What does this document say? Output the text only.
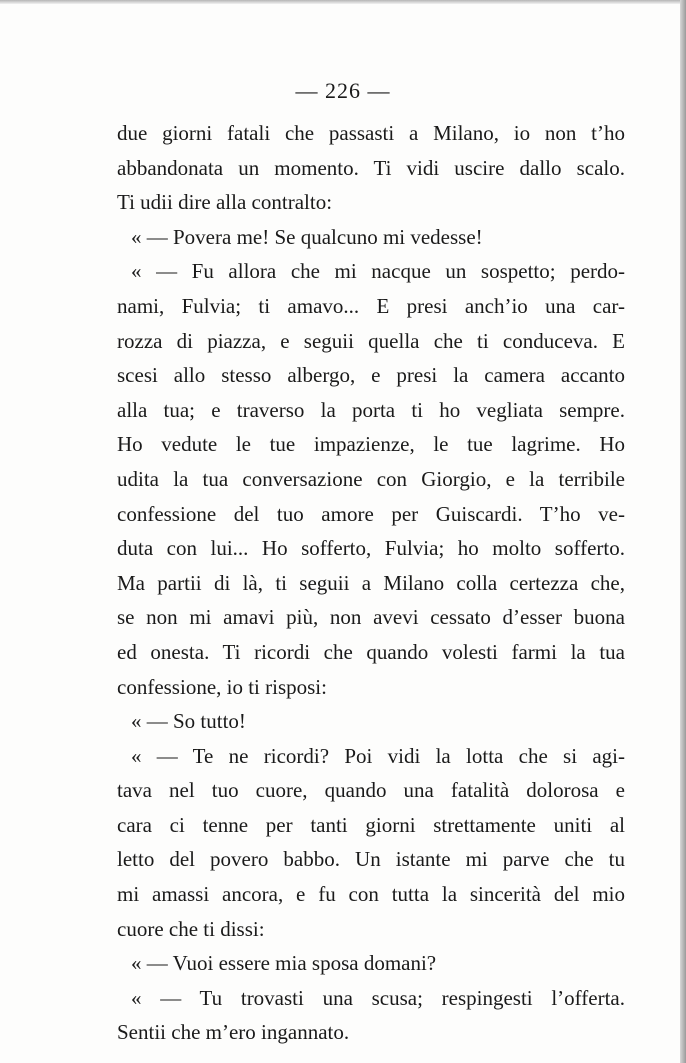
— 226 —
due giorni fatali che passasti a Milano, io non t’ho
abbandonata un momento. Ti vidi uscire dallo scalo.
Ti udii dire alla contralto:
« — Povera me! Se qualcuno mi vedesse!
« — Fu allora che mi nacque un sospetto; perdo-
nami, Fulvia; ti amavo... E presi anch’io una car-
rozza di piazza, e seguii quella che ti conduceva. E
scesi allo stesso albergo, e presi la camera accanto
alla tua; e traverso la porta ti ho vegliata sempre.
Ho vedute le tue impazienze, le tue lagrime. Ho
udita la tua conversazione con Giorgio, e la terribile
confessione del tuo amore per Guiscardi. T’ho ve-
duta con lui... Ho sofferto, Fulvia; ho molto sofferto.
Ma partii di là, ti seguii a Milano colla certezza che,
se non mi amavi più, non avevi cessato d’esser buona
ed onesta. Ti ricordi che quando volesti farmi la tua
confessione, io ti risposi:
« — So tutto!
« — Te ne ricordi? Poi vidi la lotta che si agi-
tava nel tuo cuore, quando una fatalità dolorosa e
cara ci tenne per tanti giorni strettamente uniti al
letto del povero babbo. Un istante mi parve che tu
mi amassi ancora, e fu con tutta la sincerità del mio
cuore che ti dissi:
« — Vuoi essere mia sposa domani?
« — Tu trovasti una scusa; respingesti l’offerta.
Sentii che m’ero ingannato.
